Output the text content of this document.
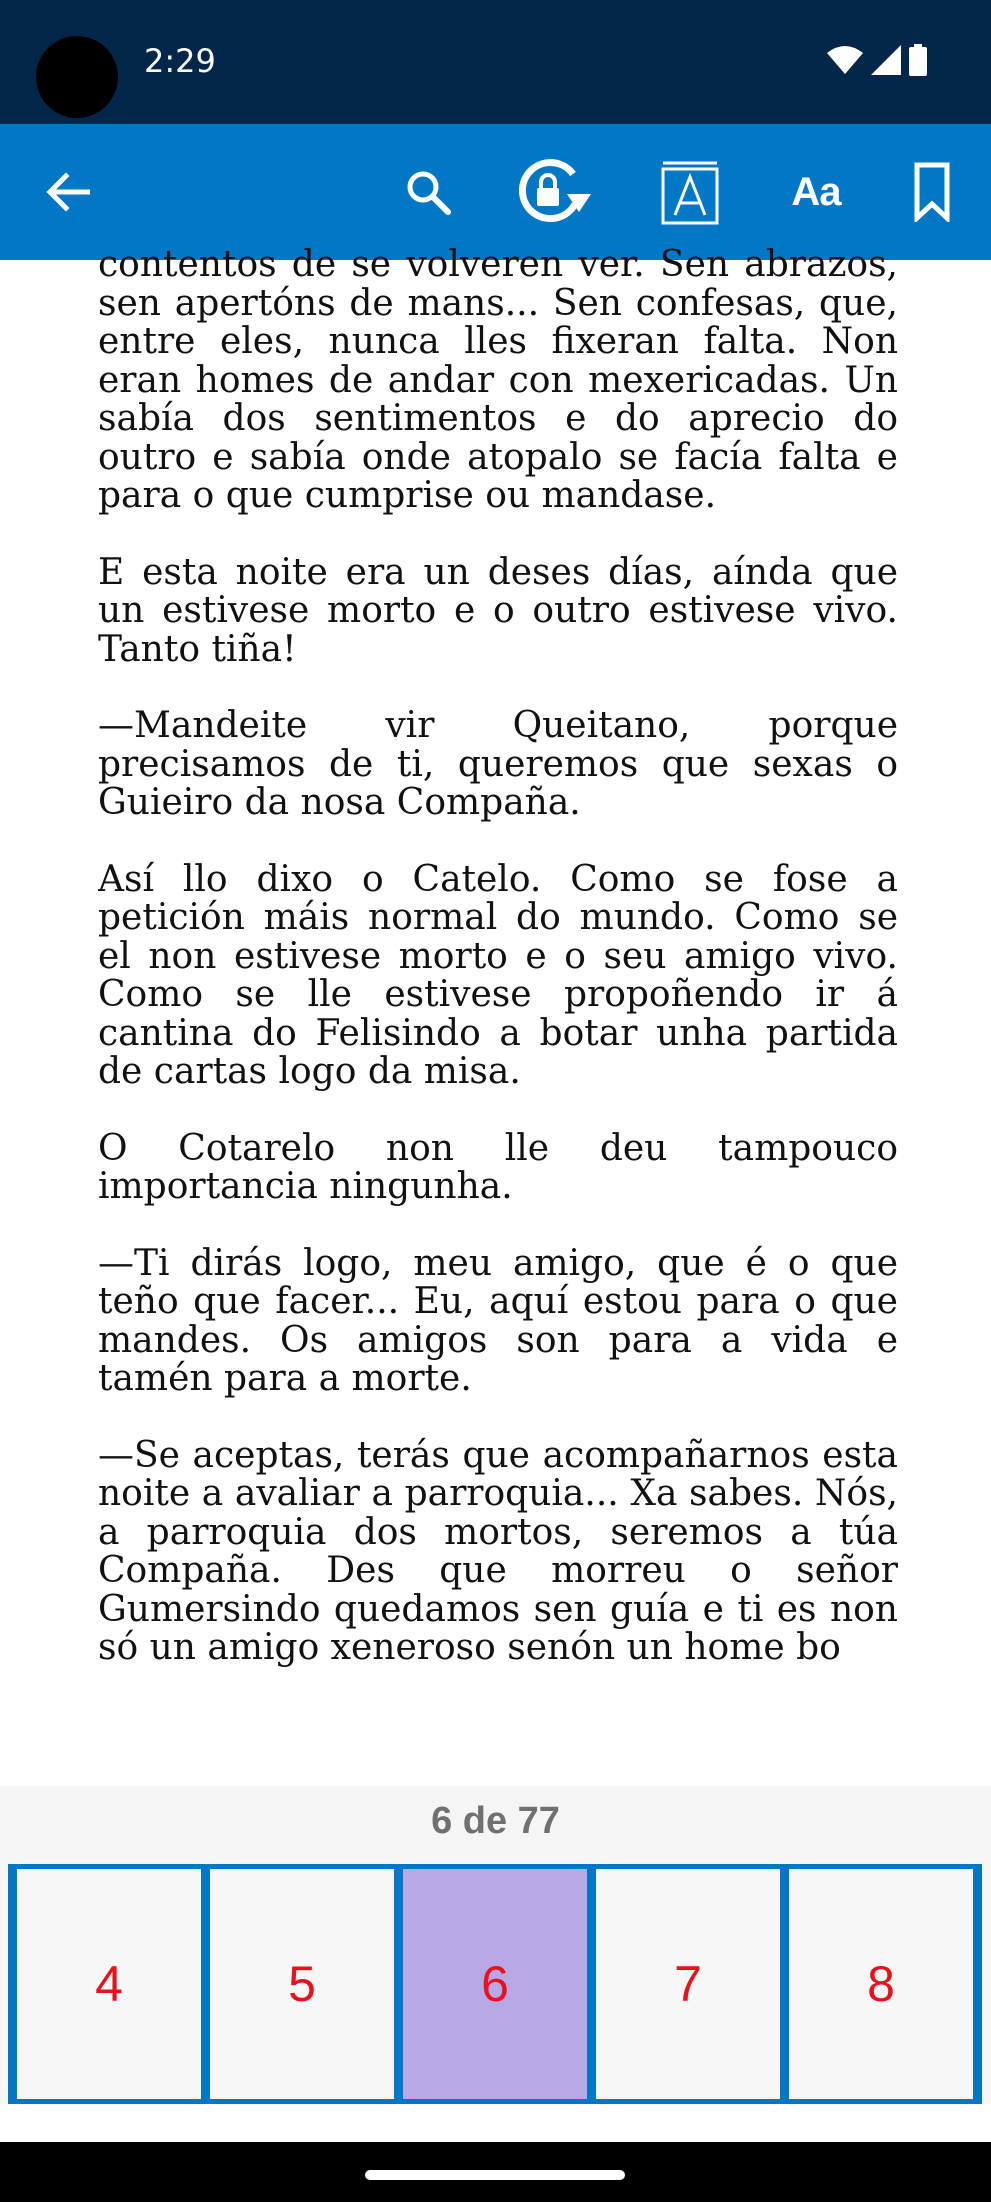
2:29
Aa

contentos de se volveren ver. Sen abrazos, sen apertóns de mans... Sen confesas, que, entre eles, nunca lles fixeran falta. Non eran homes de andar con mexericadas. Un sabía dos sentimentos e do aprecio do outro e sabía onde atopalo se facía falta e para o que cumprise ou mandase.

E esta noite era un deses días, aínda que un estivese morto e o outro estivese vivo. Tanto tiña!

—Mandeite vir Queitano, porque precisamos de ti, queremos que sexas o Guieiro da nosa Compaña.

Así llo dixo o Catelo. Como se fose a petición máis normal do mundo. Como se el non estivese morto e o seu amigo vivo. Como se lle estivese propoñendo ir á cantina do Felisindo a botar unha partida de cartas logo da misa.

O Cotarelo non lle deu tampouco importancia ningunha.

—Ti dirás logo, meu amigo, que é o que teño que facer... Eu, aquí estou para o que mandes. Os amigos son para a vida e tamén para a morte.

—Se aceptas, terás que acompañarnos esta noite a avaliar a parroquia... Xa sabes. Nós, a parroquia dos mortos, seremos a túa Compaña. Des que morreu o señor Gumersindo quedamos sen guía e ti es non só un amigo xeneroso senón un home bo

6 de 77
4	5	6	7	8
